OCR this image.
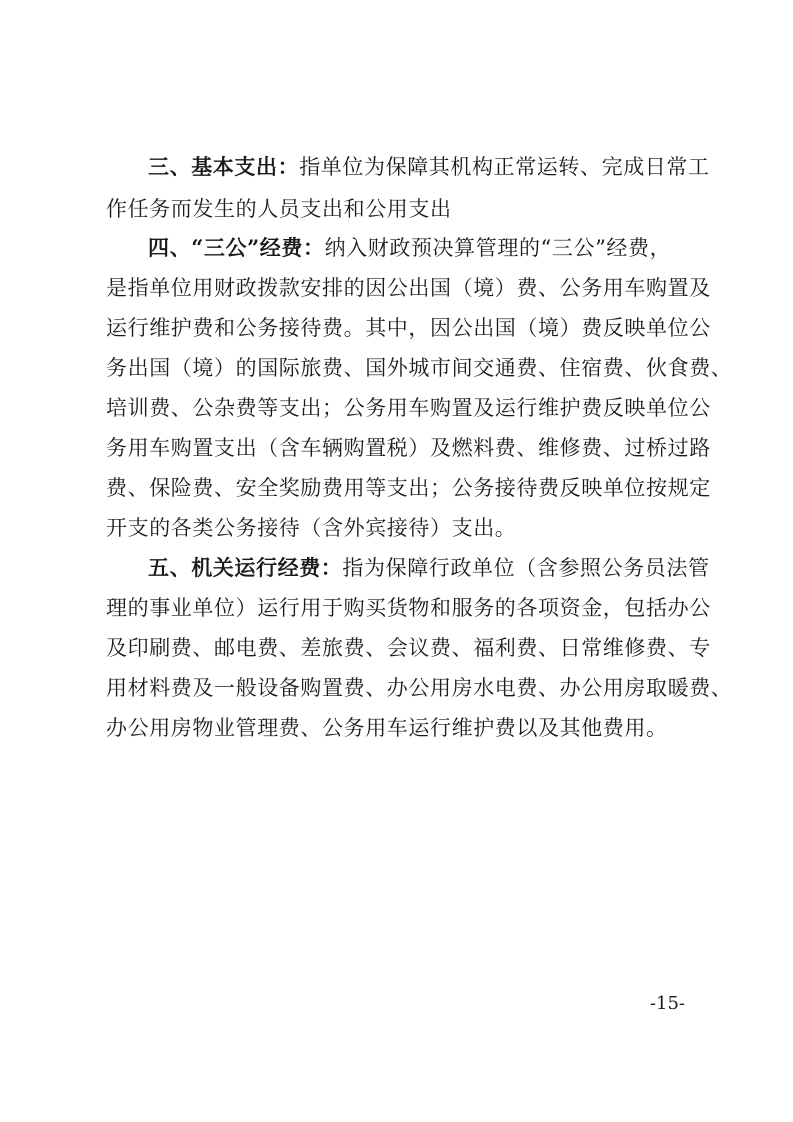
三、基本支出：指单位为保障其机构正常运转、完成日常工
作任务而发生的人员支出和公用支出
四、“三公”经费：纳入财政预决算管理的“三公”经费，
是指单位用财政拨款安排的因公出国（境）费、公务用车购置及
运行维护费和公务接待费。其中，因公出国（境）费反映单位公
务出国（境）的国际旅费、国外城市间交通费、住宿费、伙食费、
培训费、公杂费等支出；公务用车购置及运行维护费反映单位公
务用车购置支出（含车辆购置税）及燃料费、维修费、过桥过路
费、保险费、安全奖励费用等支出；公务接待费反映单位按规定
开支的各类公务接待（含外宾接待）支出。
五、机关运行经费：指为保障行政单位（含参照公务员法管
理的事业单位）运行用于购买货物和服务的各项资金，包括办公
及印刷费、邮电费、差旅费、会议费、福利费、日常维修费、专
用材料费及一般设备购置费、办公用房水电费、办公用房取暖费、
办公用房物业管理费、公务用车运行维护费以及其他费用。
-15-
